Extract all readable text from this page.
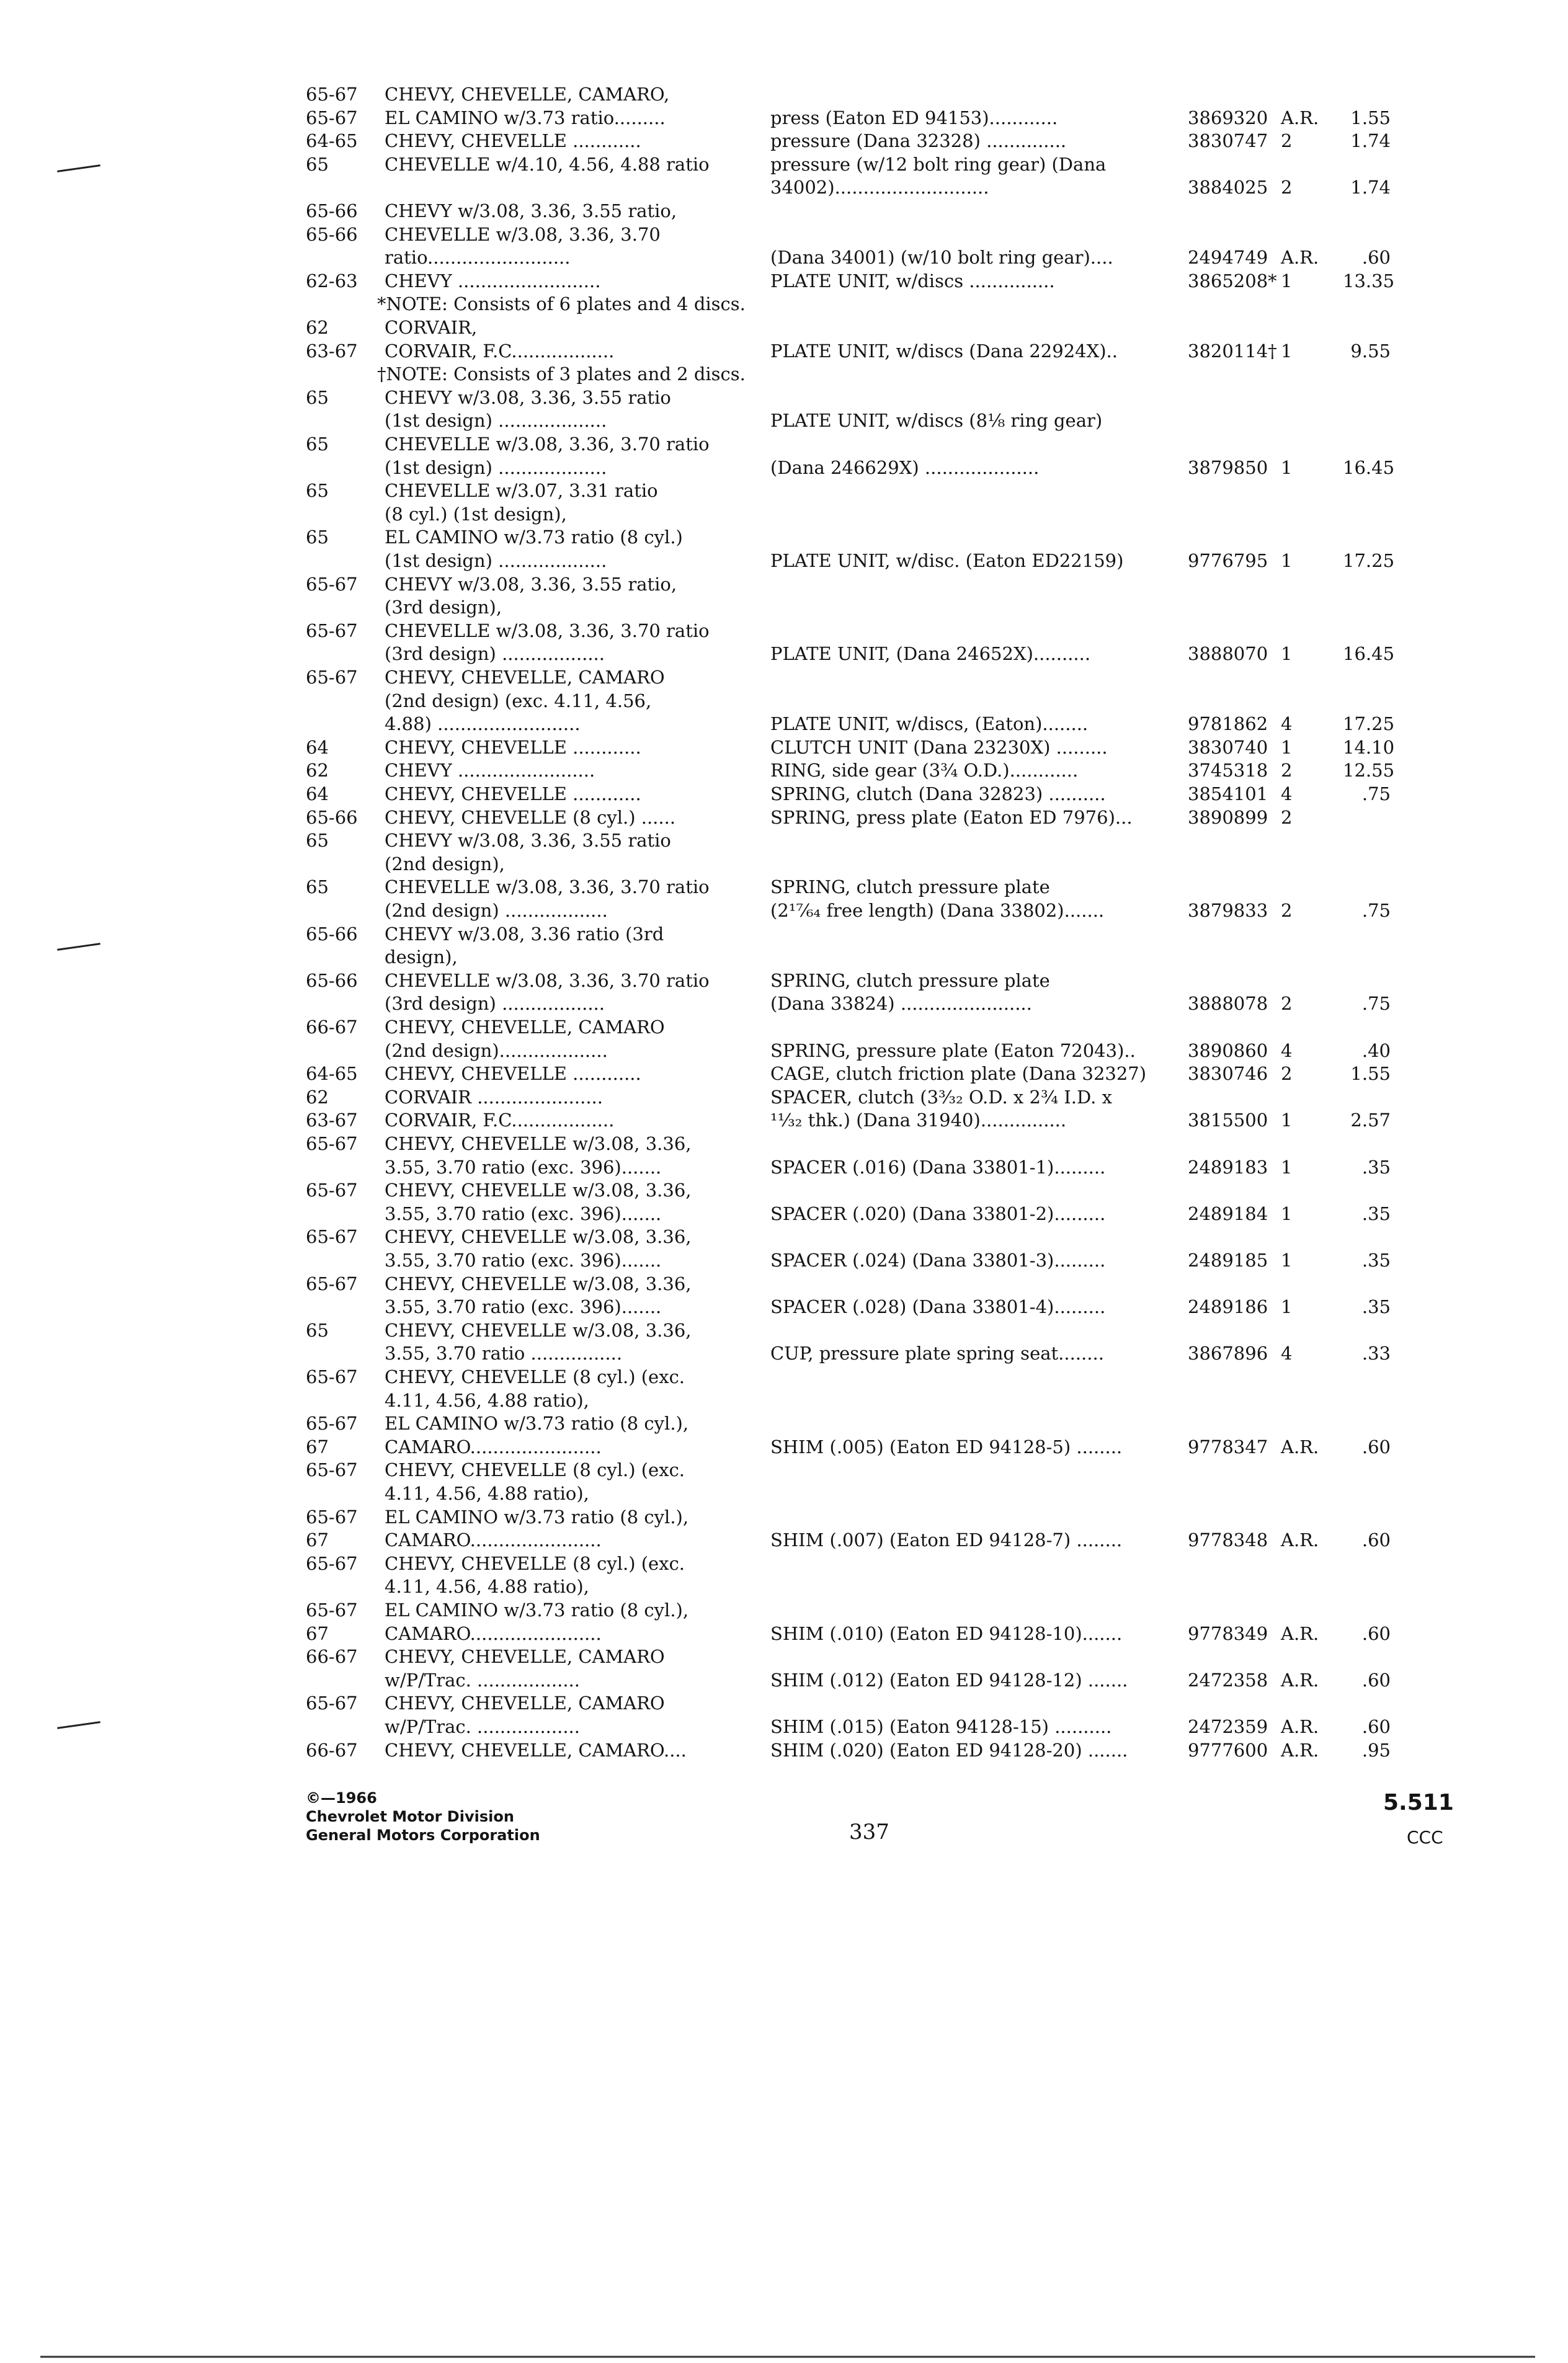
65-67 CHEVY, CHEVELLE, CAMARO,
65-67 EL CAMINO w/3.73 ratio.........	press (Eaton ED 94153)............	3869320 A.R.	1.55
64-65 CHEVY, CHEVELLE ............	pressure (Dana 32328) ..............	3830747 2	1.74
65	CHEVELLE w/4.10, 4.56, 4.88 ratio	pressure (w/12 bolt ring gear) (Dana
34002)...........................	3884025 2	1.74
65-66 CHEVY w/3.08, 3.36, 3.55 ratio,
65-66 CHEVELLE w/3.08, 3.36, 3.70
ratio.........................	(Dana 34001) (w/10 bolt ring gear)....	2494749 A.R.	.60
62-63 CHEVY .........................	PLATE UNIT, w/discs ...............	3865208* 1	13.35
*NOTE: Consists of 6 plates and 4 discs.
62	CORVAIR,
63-67 CORVAIR, F.C..................	PLATE UNIT, w/discs (Dana 22924X)..	3820114† 1	9.55
†NOTE: Consists of 3 plates and 2 discs.
65	CHEVY w/3.08, 3.36, 3.55 ratio
(1st design) ...................	PLATE UNIT, w/discs (8⅛ ring gear)
65	CHEVELLE w/3.08, 3.36, 3.70 ratio
(1st design) ...................	(Dana 246629X) ....................	3879850 1	16.45
65	CHEVELLE w/3.07, 3.31 ratio
(8 cyl.) (1st design),
65	EL CAMINO w/3.73 ratio (8 cyl.)
(1st design) ...................	PLATE UNIT, w/disc. (Eaton ED22159)	9776795 1	17.25
65-67 CHEVY w/3.08, 3.36, 3.55 ratio,
(3rd design),
65-67 CHEVELLE w/3.08, 3.36, 3.70 ratio
(3rd design) ..................	PLATE UNIT, (Dana 24652X)..........	3888070 1	16.45
65-67 CHEVY, CHEVELLE, CAMARO
(2nd design) (exc. 4.11, 4.56,
4.88) .........................	PLATE UNIT, w/discs, (Eaton)........	9781862 4	17.25
64	CHEVY, CHEVELLE ............	CLUTCH UNIT (Dana 23230X) .........	3830740 1	14.10
62	CHEVY ........................	RING, side gear (3¾ O.D.)............	3745318 2	12.55
64	CHEVY, CHEVELLE ............	SPRING, clutch (Dana 32823) ..........	3854101 4	.75
65-66 CHEVY, CHEVELLE (8 cyl.) ......	SPRING, press plate (Eaton ED 7976)...	3890899 2
65	CHEVY w/3.08, 3.36, 3.55 ratio
(2nd design),
65	CHEVELLE w/3.08, 3.36, 3.70 ratio	SPRING, clutch pressure plate
(2nd design) ..................	(2¹⁷⁄₆₄ free length) (Dana 33802).......	3879833 2	.75
65-66 CHEVY w/3.08, 3.36 ratio (3rd
design),
65-66 CHEVELLE w/3.08, 3.36, 3.70 ratio	SPRING, clutch pressure plate
(3rd design) ..................	(Dana 33824) .......................	3888078 2	.75
66-67 CHEVY, CHEVELLE, CAMARO
(2nd design)...................	SPRING, pressure plate (Eaton 72043)..	3890860 4	.40
64-65 CHEVY, CHEVELLE ............	CAGE, clutch friction plate (Dana 32327) 3830746 2	1.55
62	CORVAIR ......................	SPACER, clutch (3³⁄₃₂ O.D. x 2¾ I.D. x
63-67 CORVAIR, F.C..................	¹¹⁄₃₂ thk.) (Dana 31940)...............	3815500 1	2.57
65-67 CHEVY, CHEVELLE w/3.08, 3.36,
3.55, 3.70 ratio (exc. 396).......	SPACER (.016) (Dana 33801-1).........	2489183 1	.35
65-67 CHEVY, CHEVELLE w/3.08, 3.36,
3.55, 3.70 ratio (exc. 396).......	SPACER (.020) (Dana 33801-2).........	2489184 1	.35
65-67 CHEVY, CHEVELLE w/3.08, 3.36,
3.55, 3.70 ratio (exc. 396).......	SPACER (.024) (Dana 33801-3).........	2489185 1	.35
65-67 CHEVY, CHEVELLE w/3.08, 3.36,
3.55, 3.70 ratio (exc. 396).......	SPACER (.028) (Dana 33801-4).........	2489186 1	.35
65	CHEVY, CHEVELLE w/3.08, 3.36,
3.55, 3.70 ratio ................	CUP, pressure plate spring seat........	3867896 4	.33
65-67 CHEVY, CHEVELLE (8 cyl.) (exc.
4.11, 4.56, 4.88 ratio),
65-67 EL CAMINO w/3.73 ratio (8 cyl.),
67	CAMARO.......................	SHIM (.005) (Eaton ED 94128-5) ........	9778347 A.R.	.60
65-67 CHEVY, CHEVELLE (8 cyl.) (exc.
4.11, 4.56, 4.88 ratio),
65-67 EL CAMINO w/3.73 ratio (8 cyl.),
67	CAMARO.......................	SHIM (.007) (Eaton ED 94128-7) ........	9778348 A.R.	.60
65-67 CHEVY, CHEVELLE (8 cyl.) (exc.
4.11, 4.56, 4.88 ratio),
65-67 EL CAMINO w/3.73 ratio (8 cyl.),
67	CAMARO.......................	SHIM (.010) (Eaton ED 94128-10).......	9778349 A.R.	.60
66-67 CHEVY, CHEVELLE, CAMARO
w/P/Trac. ..................	SHIM (.012) (Eaton ED 94128-12) .......	2472358 A.R.	.60
65-67 CHEVY, CHEVELLE, CAMARO
w/P/Trac. ..................	SHIM (.015) (Eaton 94128-15) ..........	2472359 A.R.	.60
66-67 CHEVY, CHEVELLE, CAMARO....	SHIM (.020) (Eaton ED 94128-20) .......	9777600 A.R.	.95
©—1966
Chevrolet Motor Division
General Motors Corporation	337
5.511
CCC
